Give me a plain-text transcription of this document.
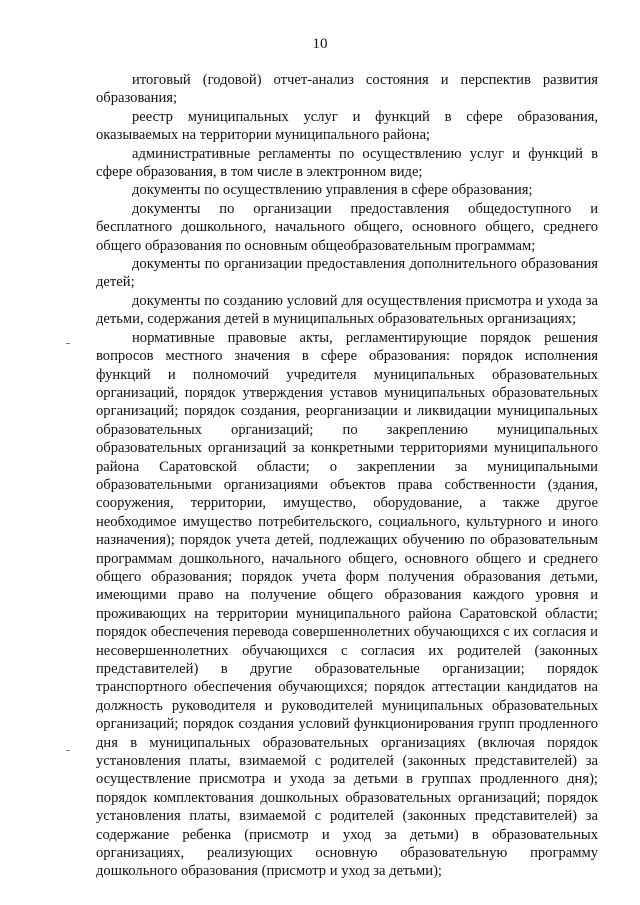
10

итоговый (годовой) отчет-анализ состояния и перспектив развития образования;

реестр муниципальных услуг и функций в сфере образования, оказываемых на территории муниципального района;

административные регламенты по осуществлению услуг и функций в сфере образования, в том числе в электронном виде;

документы по осуществлению управления в сфере образования;

документы по организации предоставления общедоступного и бесплатного дошкольного, начального общего, основного общего, среднего общего образования по основным общеобразовательным программам;

документы по организации предоставления дополнительного образования детей;

документы по созданию условий для осуществления присмотра и ухода за детьми, содержания детей в муниципальных образовательных организациях;

нормативные правовые акты, регламентирующие порядок решения вопросов местного значения в сфере образования: порядок исполнения функций и полномочий учредителя муниципальных образовательных организаций, порядок утверждения уставов муниципальных образовательных организаций; порядок создания, реорганизации и ликвидации муниципальных образовательных организаций; по закреплению муниципальных образовательных организаций за конкретными территориями муниципального района Саратовской области; о закреплении за муниципальными образовательными организациями объектов права собственности (здания, сооружения, территории, имущество, оборудование, а также другое необходимое имущество потребительского, социального, культурного и иного назначения); порядок учета детей, подлежащих обучению по образовательным программам дошкольного, начального общего, основного общего и среднего общего образования; порядок учета форм получения образования детьми, имеющими право на получение общего образования каждого уровня и проживающих на территории муниципального района Саратовской области; порядок обеспечения перевода совершеннолетних обучающихся с их согласия и несовершеннолетних обучающихся с согласия их родителей (законных представителей) в другие образовательные организации; порядок транспортного обеспечения обучающихся; порядок аттестации кандидатов на должность руководителя и руководителей муниципальных образовательных организаций; порядок создания условий функционирования групп продленного дня в муниципальных образовательных организациях (включая порядок установления платы, взимаемой с родителей (законных представителей) за осуществление присмотра и ухода за детьми в группах продленного дня); порядок комплектования дошкольных образовательных организаций; порядок установления платы, взимаемой с родителей (законных представителей) за содержание ребенка (присмотр и уход за детьми) в образовательных организациях, реализующих основную образовательную программу дошкольного образования (присмотр и уход за детьми);
